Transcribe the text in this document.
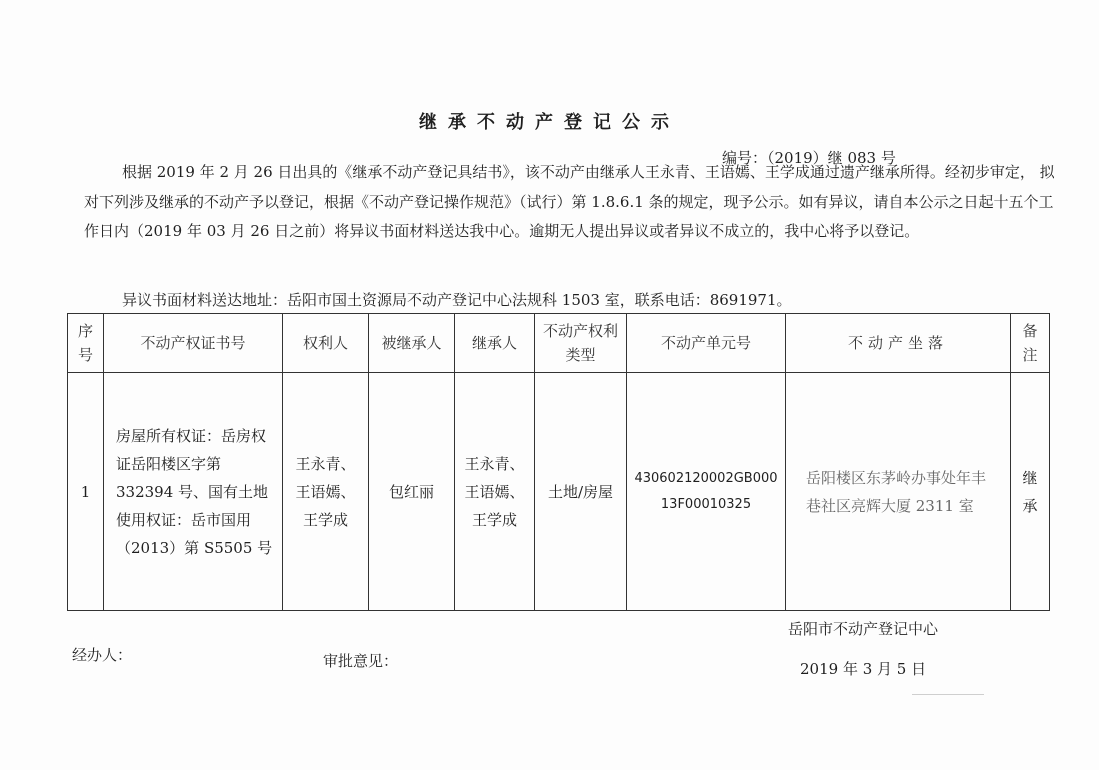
继承不动产登记公示
编号：（2019）继 083 号
根据 2019 年 2 月 26 日出具的《继承不动产登记具结书》，该不动产由继承人王永青、王语嫣、王学成通过遗产继承所得。经初步审定， 拟对下列涉及继承的不动产予以登记，根据《不动产登记操作规范》（试行）第 1.8.6.1 条的规定，现予公示。如有异议，请自本公示之日起十五个工作日内（2019 年 03 月 26 日之前）将异议书面材料送达我中心。逾期无人提出异议或者异议不成立的，我中心将予以登记。
异议书面材料送达地址：岳阳市国土资源局不动产登记中心法规科 1503 室，联系电话：8691971。
序号	不动产权证书号	权利人	被继承人	继承人	不动产权利类型	不动产单元号	不动产坐落	备注
1	房屋所有权证：岳房权证岳阳楼区字第 332394 号、国有土地使用权证：岳市国用（2013）第 S5505 号	王永青、王语嫣、王学成	包红丽	王永青、王语嫣、王学成	土地/房屋	430602120002GB00013F00010325	岳阳楼区东茅岭办事处年丰巷社区亮辉大厦 2311 室	继承
岳阳市不动产登记中心
经办人：	审批意见：	2019 年 3 月 5 日
